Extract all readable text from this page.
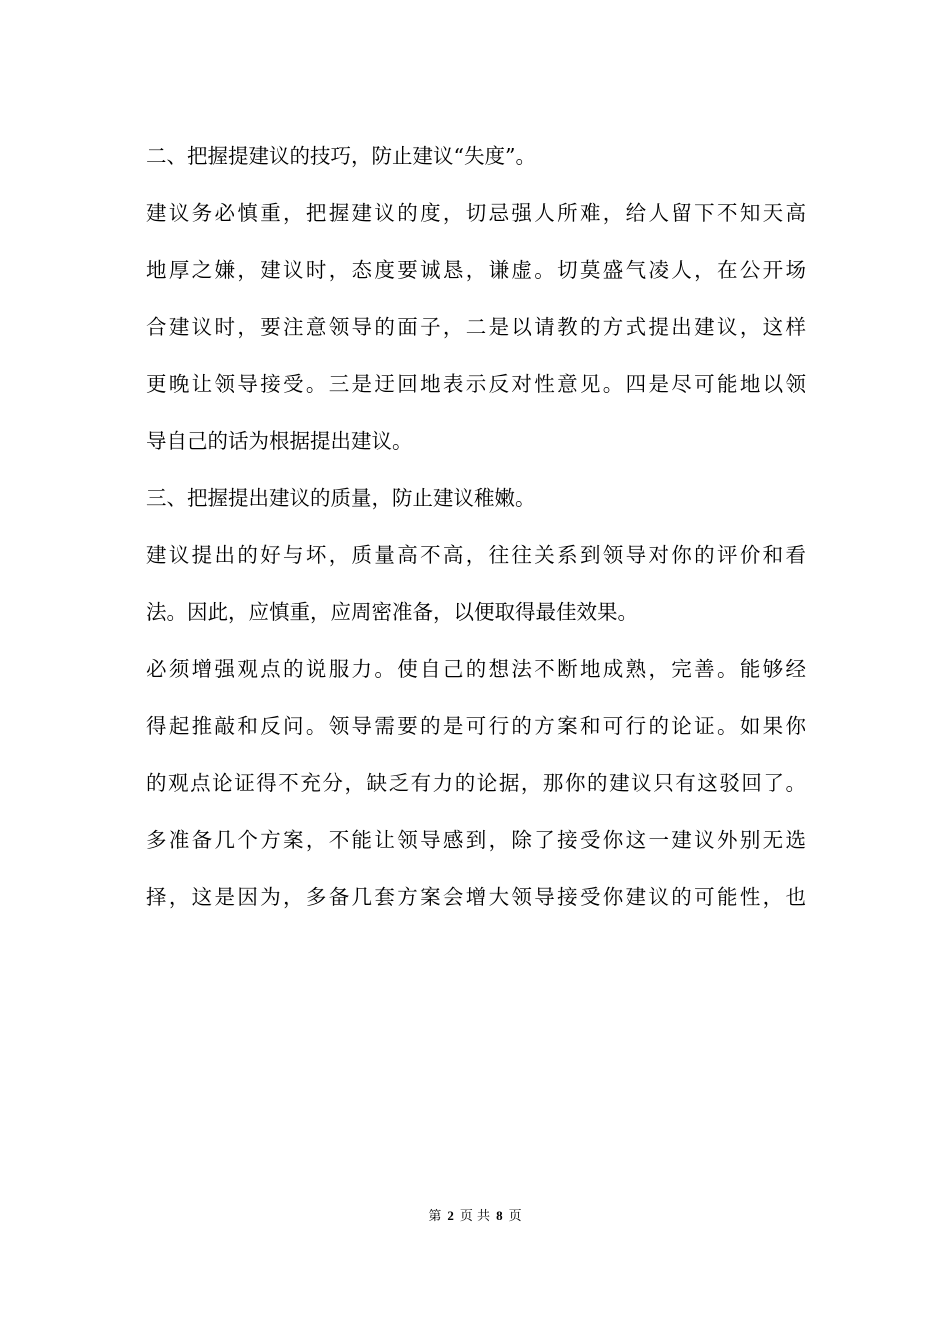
二、把握提建议的技巧，防止建议“失度”。
建议务必慎重，把握建议的度，切忌强人所难，给人留下不知天高
地厚之嫌，建议时，态度要诚恳，谦虚。切莫盛气凌人，在公开场
合建议时，要注意领导的面子，二是以请教的方式提出建议，这样
更晚让领导接受。三是迂回地表示反对性意见。四是尽可能地以领
导自己的话为根据提出建议。
三、把握提出建议的质量，防止建议稚嫩。
建议提出的好与坏，质量高不高，往往关系到领导对你的评价和看
法。因此，应慎重，应周密准备，以便取得最佳效果。
必须增强观点的说服力。使自己的想法不断地成熟，完善。能够经
得起推敲和反问。领导需要的是可行的方案和可行的论证。如果你
的观点论证得不充分，缺乏有力的论据，那你的建议只有这驳回了。
多准备几个方案，不能让领导感到，除了接受你这一建议外别无选
择，这是因为，多备几套方案会增大领导接受你建议的可能性，也
第 2 页 共 8 页
